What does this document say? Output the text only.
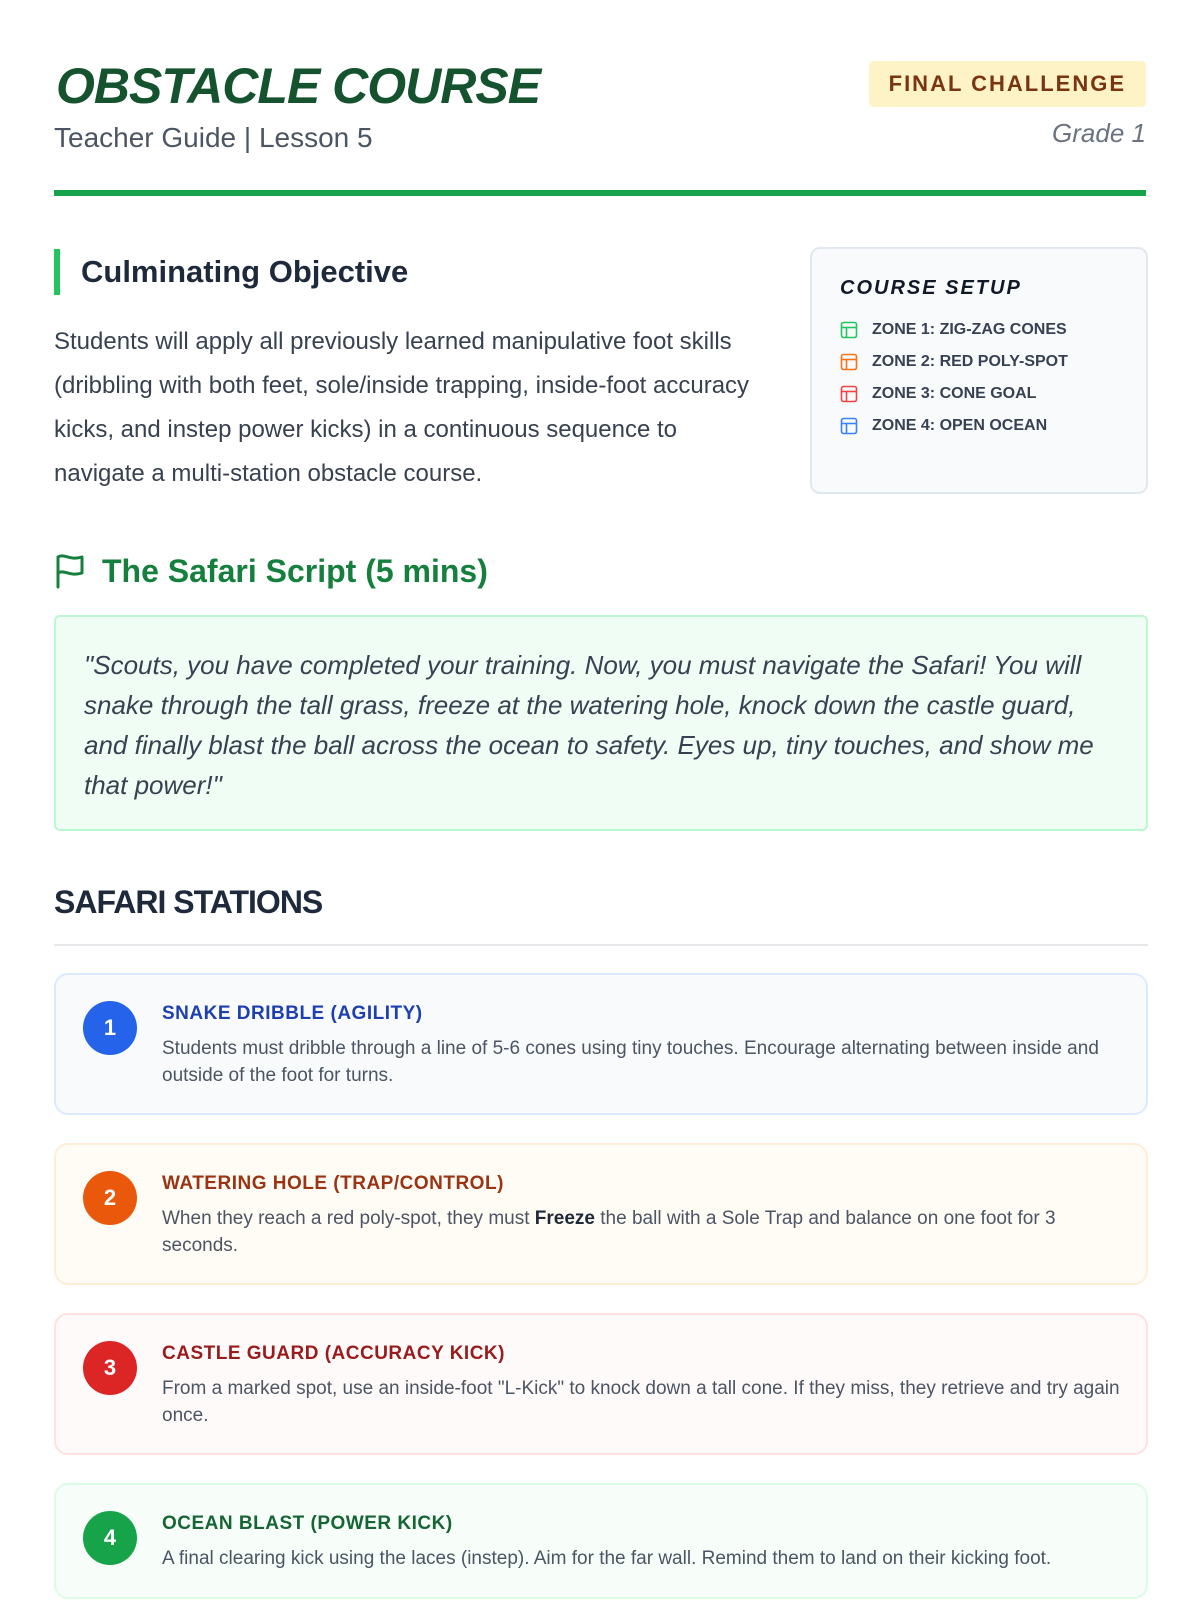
OBSTACLE COURSE
Teacher Guide | Lesson 5
FINAL CHALLENGE
Grade 1
Culminating Objective
Students will apply all previously learned manipulative foot skills (dribbling with both feet, sole/inside trapping, inside-foot accuracy kicks, and instep power kicks) in a continuous sequence to navigate a multi-station obstacle course.
COURSE SETUP
ZONE 1: ZIG-ZAG CONES
ZONE 2: RED POLY-SPOT
ZONE 3: CONE GOAL
ZONE 4: OPEN OCEAN
The Safari Script (5 mins)
"Scouts, you have completed your training. Now, you must navigate the Safari! You will snake through the tall grass, freeze at the watering hole, knock down the castle guard, and finally blast the ball across the ocean to safety. Eyes up, tiny touches, and show me that power!"
SAFARI STATIONS
1
SNAKE DRIBBLE (AGILITY)
Students must dribble through a line of 5-6 cones using tiny touches. Encourage alternating between inside and outside of the foot for turns.
2
WATERING HOLE (TRAP/CONTROL)
When they reach a red poly-spot, they must Freeze the ball with a Sole Trap and balance on one foot for 3 seconds.
3
CASTLE GUARD (ACCURACY KICK)
From a marked spot, use an inside-foot "L-Kick" to knock down a tall cone. If they miss, they retrieve and try again once.
4
OCEAN BLAST (POWER KICK)
A final clearing kick using the laces (instep). Aim for the far wall. Remind them to land on their kicking foot.
